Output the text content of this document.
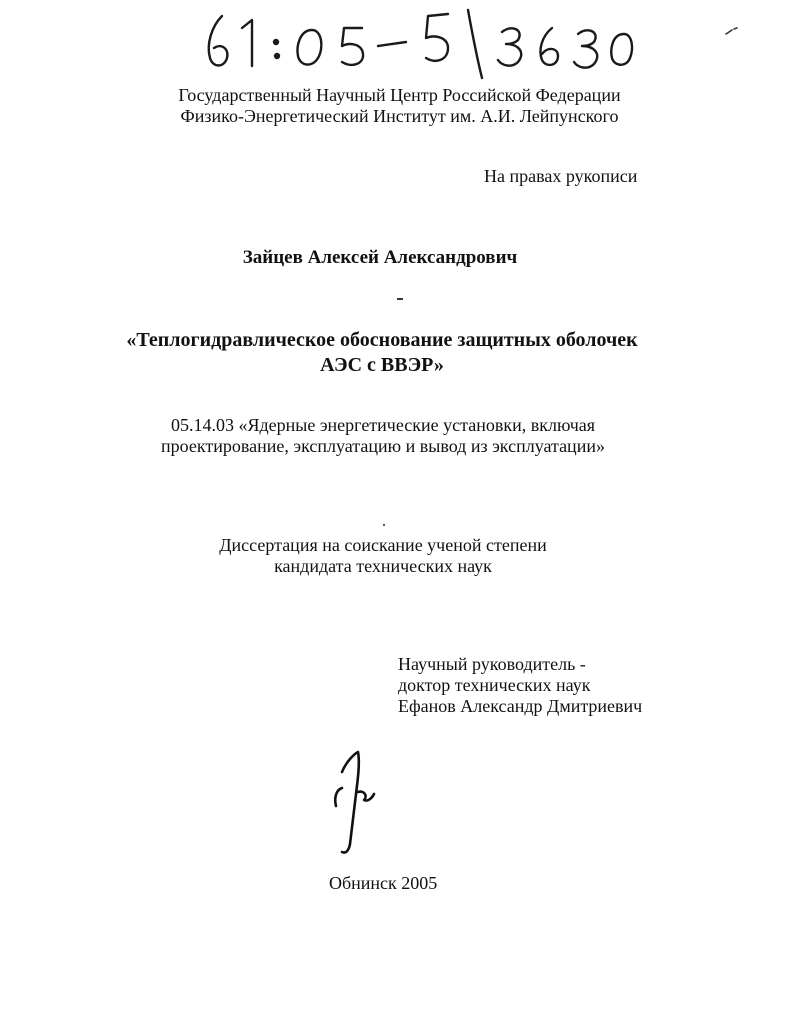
Государственный Научный Центр Российской Федерации
Физико-Энергетический Институт им. А.И. Лейпунского
На правах рукописи
Зайцев Алексей Александрович
«Теплогидравлическое обоснование защитных оболочек
АЭС с ВВЭР»
05.14.03 «Ядерные энергетические установки, включая
проектирование, эксплуатацию и вывод из эксплуатации»
Диссертация на соискание ученой степени
кандидата технических наук
Научный руководитель -
доктор технических наук
Ефанов Александр Дмитриевич
Обнинск 2005
